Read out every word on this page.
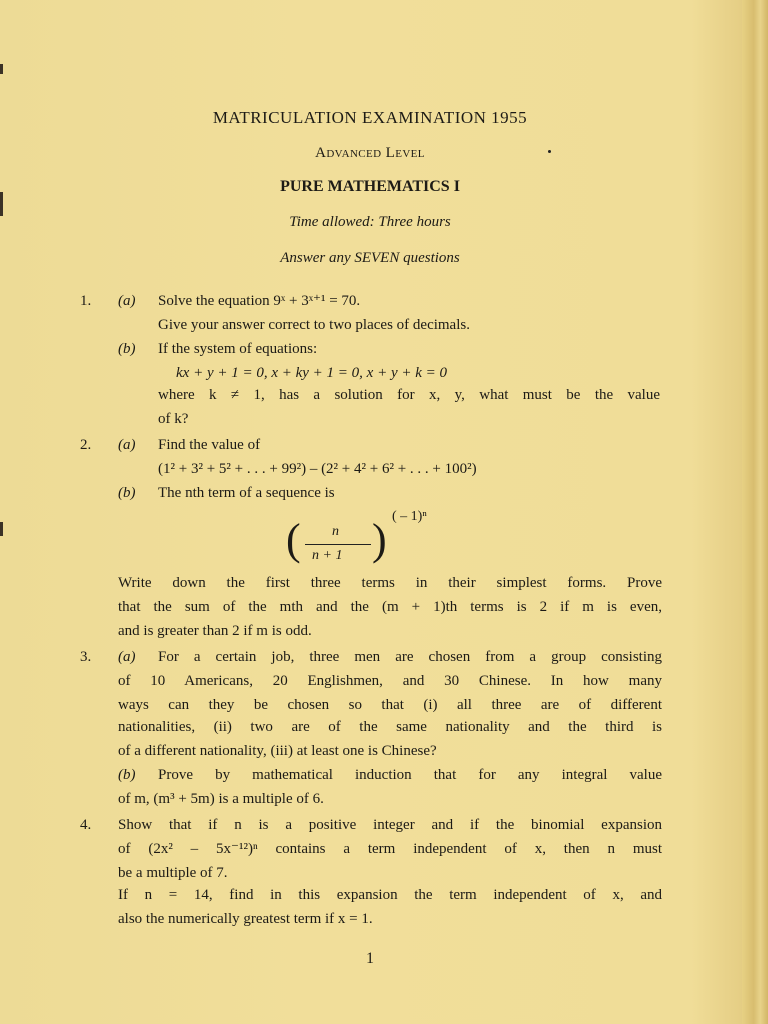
MATRICULATION EXAMINATION 1955
Advanced Level
PURE MATHEMATICS I
Time allowed: Three hours
Answer any SEVEN questions
1. (a) Solve the equation 9ˣ + 3ˣ⁺¹ = 70.
Give your answer correct to two places of decimals.
(b) If the system of equations:
kx + y + 1 = 0, x + ky + 1 = 0, x + y + k = 0
where k ≠ 1, has a solution for x, y, what must be the value
of k?
2. (a) Find the value of
(1² + 3² + 5² + . . . + 99²) – (2² + 4² + 6² + . . . + 100²)
(b) The nth term of a sequence is
( n
n + 1 ) ( – 1)ⁿ
Write down the first three terms in their simplest forms. Prove
that the sum of the mth and the (m + 1)th terms is 2 if m is even,
and is greater than 2 if m is odd.
3. (a) For a certain job, three men are chosen from a group consisting
of 10 Americans, 20 Englishmen, and 30 Chinese. In how many
ways can they be chosen so that (i) all three are of different
nationalities, (ii) two are of the same nationality and the third is
of a different nationality, (iii) at least one is Chinese?
(b) Prove by mathematical induction that for any integral value
of m, (m³ + 5m) is a multiple of 6.
4. Show that if n is a positive integer and if the binomial expansion
of (2x² – 5x⁻¹²)ⁿ contains a term independent of x, then n must
be a multiple of 7.
If n = 14, find in this expansion the term independent of x, and
also the numerically greatest term if x = 1.
1
